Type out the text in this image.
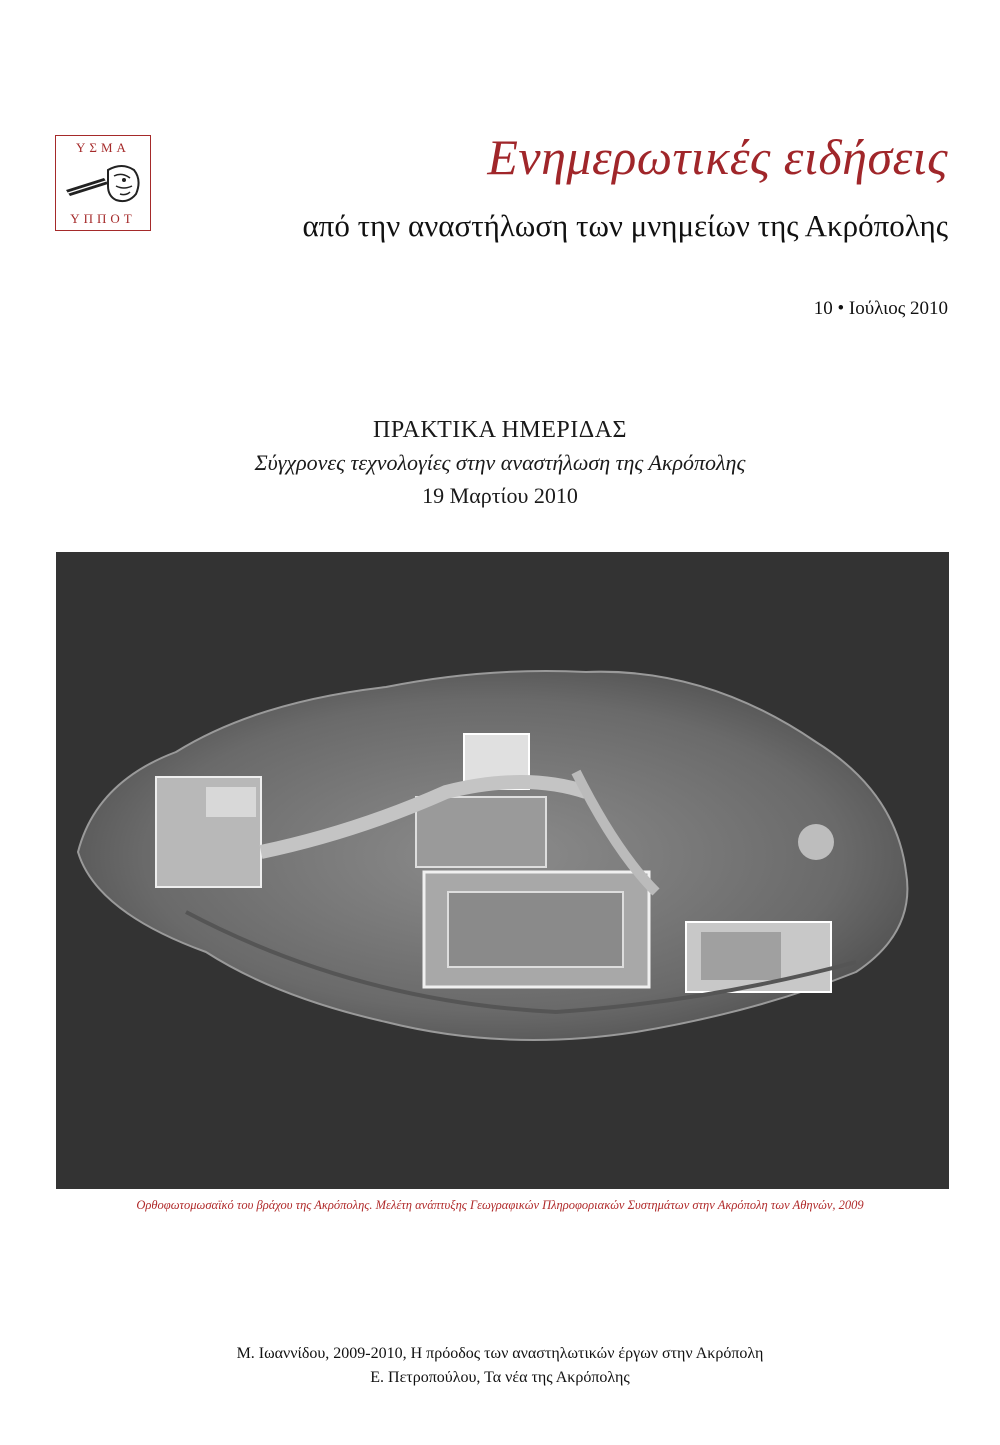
ΥΣΜΑ
ΥΠΠΟΤ
Ενημερωτικές ειδήσεις
από την αναστήλωση των μνημείων της Ακρόπολης
10 • Ιούλιος 2010
ΠΡΑΚΤΙΚΑ ΗΜΕΡΙΔΑΣ
Σύγχρονες τεχνολογίες στην αναστήλωση της Ακρόπολης
19 Μαρτίου 2010
Ορθοφωτομωσαϊκό του βράχου της Ακρόπολης. Μελέτη ανάπτυξης Γεωγραφικών Πληροφοριακών Συστημάτων στην Ακρόπολη των Αθηνών, 2009
Μ. Ιωαννίδου, 2009-2010, Η πρόοδος των αναστηλωτικών έργων στην Ακρόπολη
Ε. Πετροπούλου, Τα νέα της Ακρόπολης
